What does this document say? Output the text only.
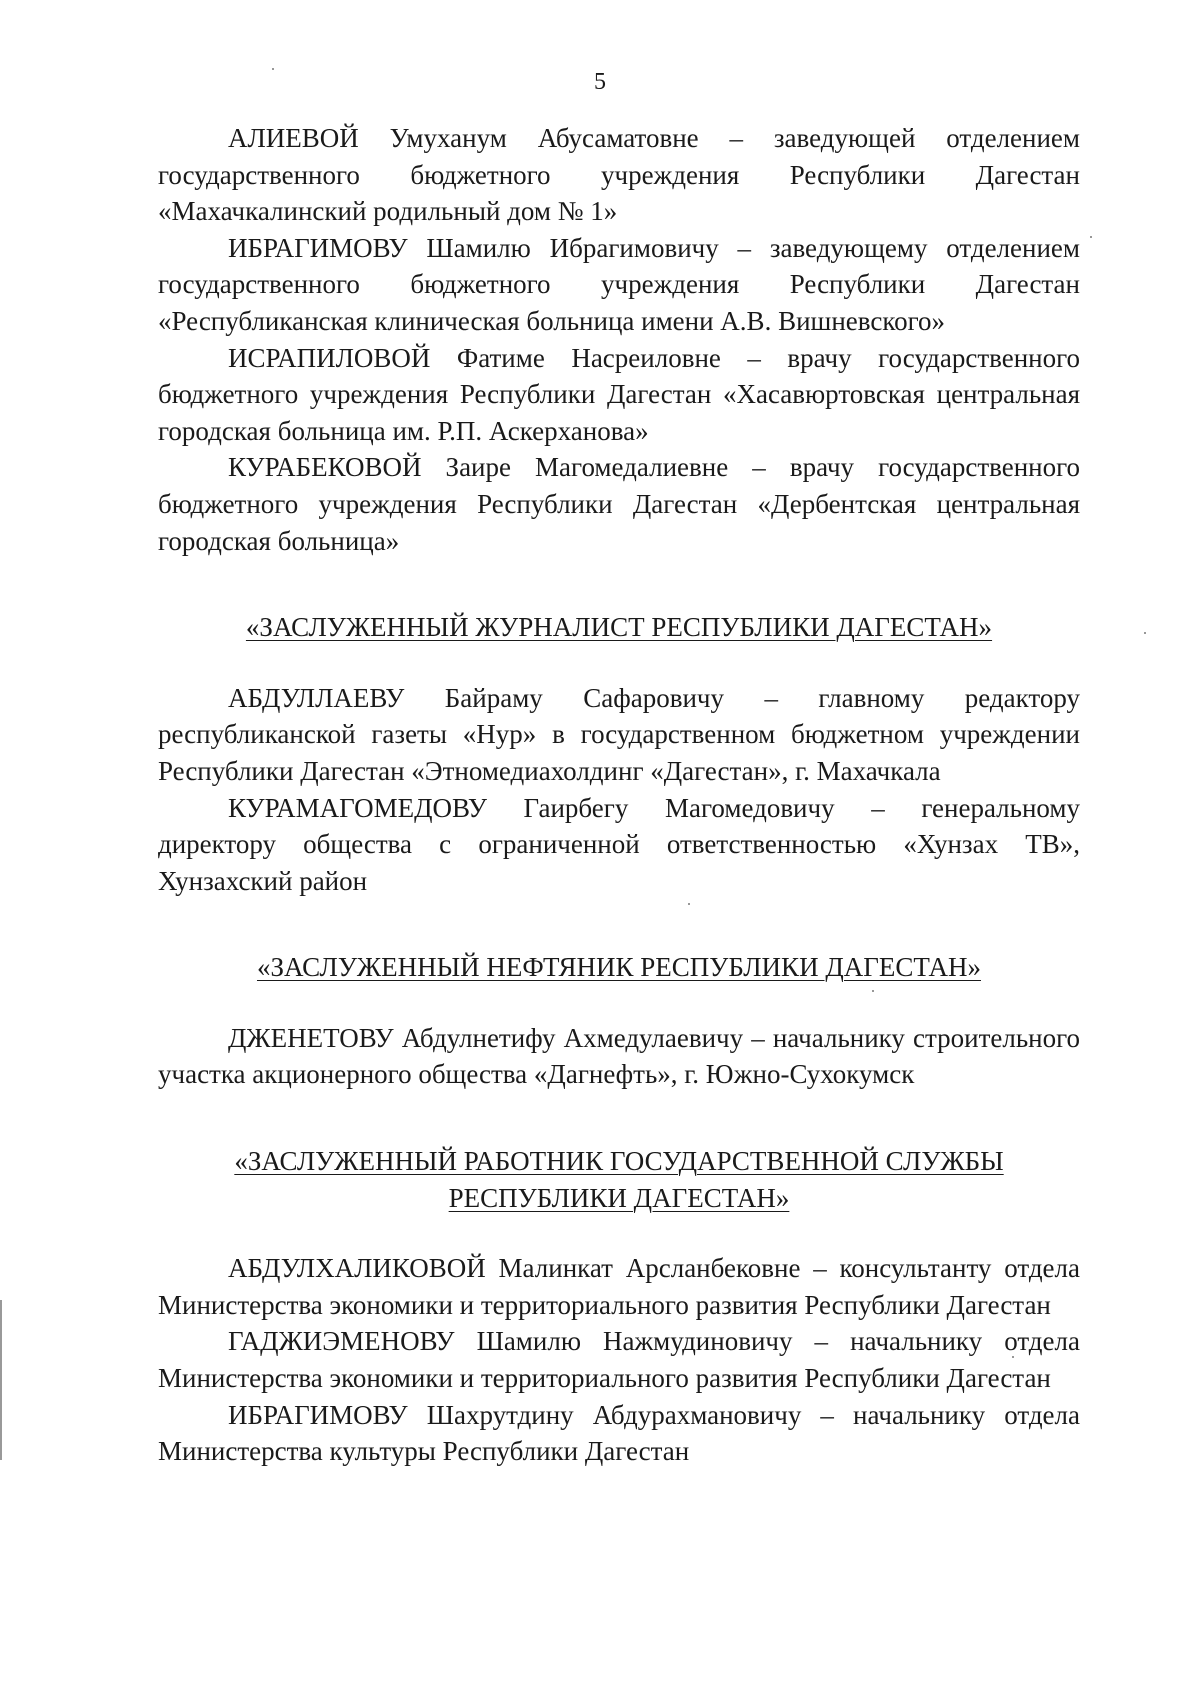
5

АЛИЕВОЙ Умуханум Абусаматовне – заведующей отделением государственного бюджетного учреждения Республики Дагестан «Махачкалинский родильный дом № 1»

ИБРАГИМОВУ Шамилю Ибрагимовичу – заведующему отделением государственного бюджетного учреждения Республики Дагестан «Республиканская клиническая больница имени А.В. Вишневского»

ИСРАПИЛОВОЙ Фатиме Насреиловне – врачу государственного бюджетного учреждения Республики Дагестан «Хасавюртовская центральная городская больница им. Р.П. Аскерханова»

КУРАБЕКОВОЙ Заире Магомедалиевне – врачу государственного бюджетного учреждения Республики Дагестан «Дербентская центральная городская больница»

«ЗАСЛУЖЕННЫЙ ЖУРНАЛИСТ РЕСПУБЛИКИ ДАГЕСТАН»

АБДУЛЛАЕВУ Байраму Сафаровичу – главному редактору республиканской газеты «Нур» в государственном бюджетном учреждении Республики Дагестан «Этномедиахолдинг «Дагестан», г. Махачкала

КУРАМАГОМЕДОВУ Гаирбегу Магомедовичу – генеральному директору общества с ограниченной ответственностью «Хунзах ТВ», Хунзахский район

«ЗАСЛУЖЕННЫЙ НЕФТЯНИК РЕСПУБЛИКИ ДАГЕСТАН»

ДЖЕНЕТОВУ Абдулнетифу Ахмедулаевичу – начальнику строительного участка акционерного общества «Дагнефть», г. Южно-Сухокумск

«ЗАСЛУЖЕННЫЙ РАБОТНИК ГОСУДАРСТВЕННОЙ СЛУЖБЫ
РЕСПУБЛИКИ ДАГЕСТАН»

АБДУЛХАЛИКОВОЙ Малинкат Арсланбековне – консультанту отдела Министерства экономики и территориального развития Республики Дагестан

ГАДЖИЭМЕНОВУ Шамилю Нажмудиновичу – начальнику отдела Министерства экономики и территориального развития Республики Дагестан

ИБРАГИМОВУ Шахрутдину Абдурахмановичу – начальнику отдела Министерства культуры Республики Дагестан
